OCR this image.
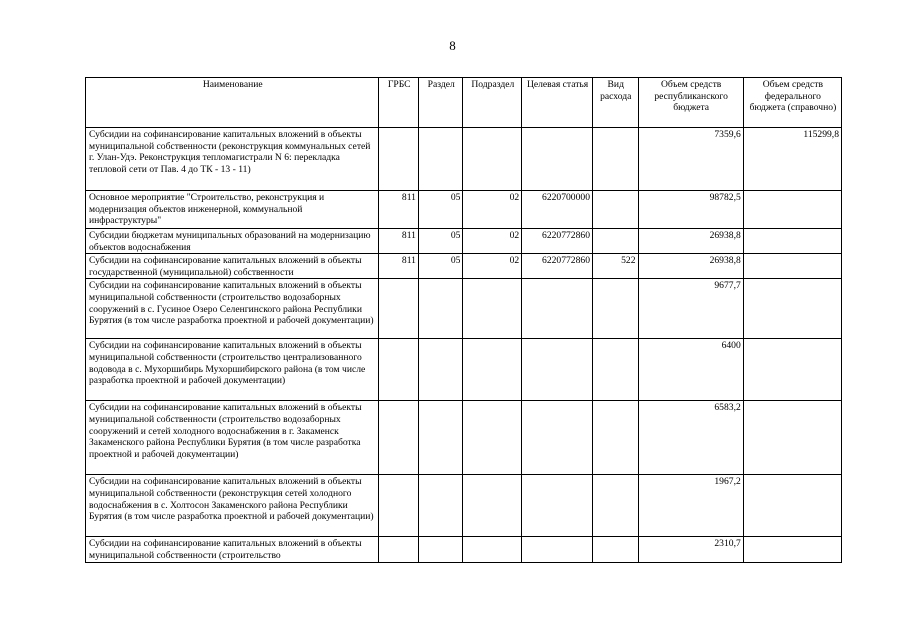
8
Наименование	ГРБС	Раздел	Подраздел	Целевая статья	Вид расхода	Объем средств республиканского бюджета	Объем средств федерального бюджета (справочно)
Субсидии на софинансирование капитальных вложений в объекты муниципальной собственности (реконструкция коммунальных сетей г. Улан-Удэ. Реконструкция тепломагистрали N 6: перекладка тепловой сети от Пав. 4 до ТК - 13 - 11)						7359,6	115299,8
Основное мероприятие "Строительство, реконструкция и модернизация объектов инженерной, коммунальной инфраструктуры"	811	05	02	6220700000		98782,5	
Субсидии бюджетам муниципальных образований на модернизацию объектов водоснабжения	811	05	02	6220772860		26938,8	
Субсидии на софинансирование капитальных вложений в объекты государственной (муниципальной) собственности	811	05	02	6220772860	522	26938,8	
Субсидии на софинансирование капитальных вложений в объекты муниципальной собственности (строительство водозаборных сооружений в с. Гусиное Озеро Селенгинского района Республики Бурятия (в том числе разработка проектной и рабочей документации)						9677,7	
Субсидии на софинансирование капитальных вложений в объекты муниципальной собственности (строительство централизованного водовода в с. Мухоршибирь Мухоршибирского района (в том числе разработка проектной и рабочей документации)						6400	
Субсидии на софинансирование капитальных вложений в объекты муниципальной собственности (строительство водозаборных сооружений и сетей холодного водоснабжения в г. Закаменск Закаменского района Республики Бурятия (в том числе разработка проектной и рабочей документации)						6583,2	
Субсидии на софинансирование капитальных вложений в объекты муниципальной собственности (реконструкция сетей холодного водоснабжения в с. Холтосон Закаменского района Республики Бурятия (в том числе разработка проектной и рабочей документации)						1967,2	
Субсидии на софинансирование капитальных вложений в объекты муниципальной собственности (строительство						2310,7	
